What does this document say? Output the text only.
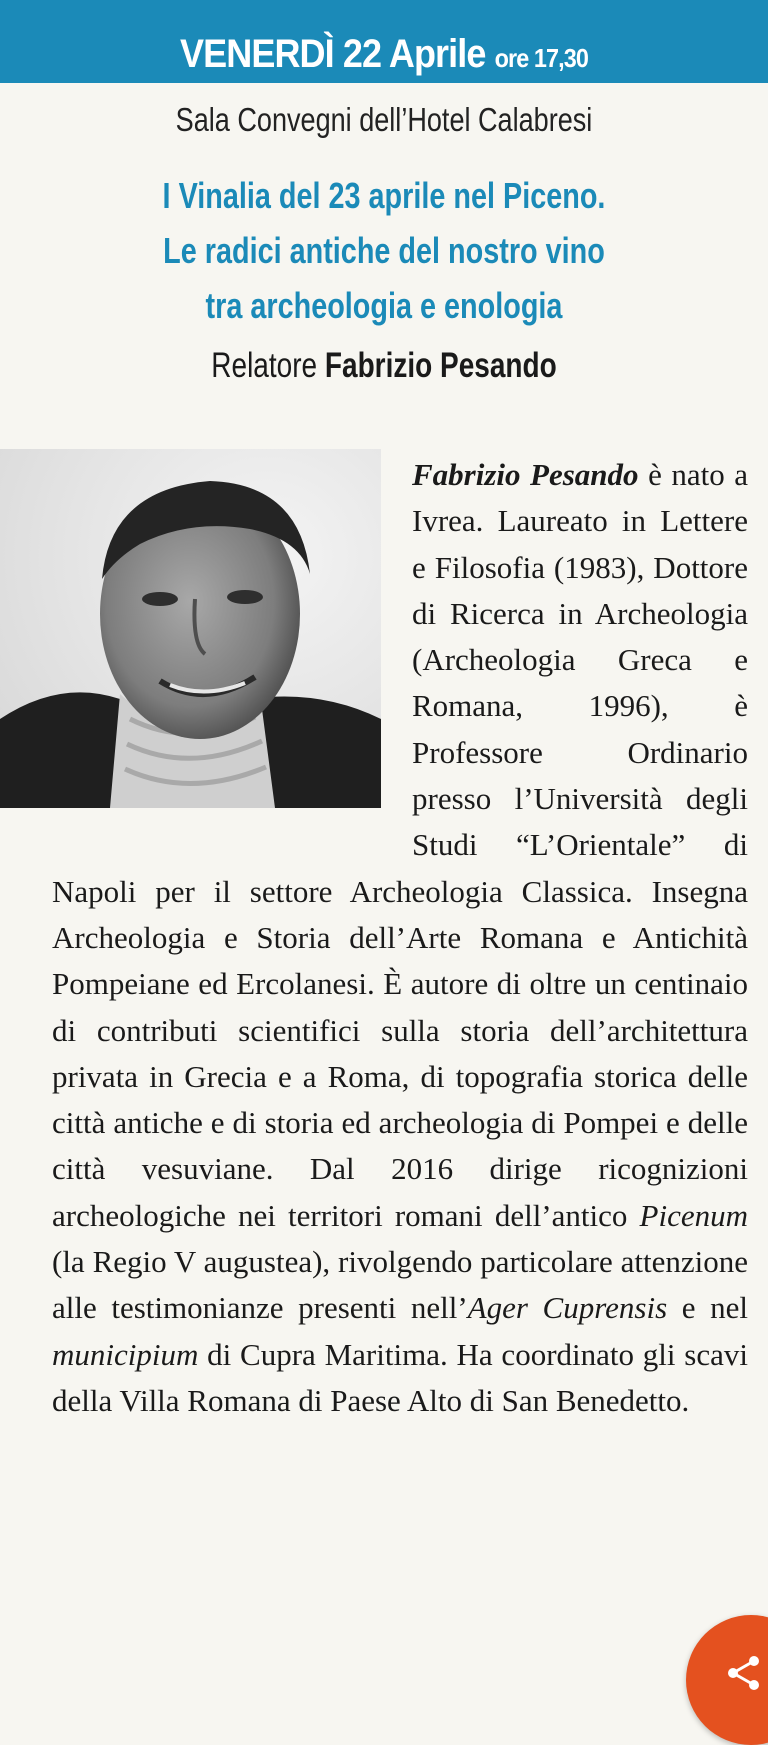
VENERDÌ 22 Aprile ore 17,30
Sala Convegni dell’Hotel Calabresi
I Vinalia del 23 aprile nel Piceno.
Le radici antiche del nostro vino
tra archeologia e enologia
Relatore Fabrizio Pesando

Fabrizio Pesando è nato a Ivrea. Laureato in Lettere e Filosofia (1983), Dottore di Ricerca in Archeologia (Archeologia Greca e Romana, 1996), è Professore Ordinario presso l’Università degli Studi “L’Orientale” di Napoli per il settore Archeologia Classica. Insegna Archeologia e Storia dell’Arte Romana e Antichità Pompeiane ed Ercolanesi. È autore di oltre un centinaio di contributi scientifici sulla storia dell’architettura privata in Grecia e a Roma, di topografia storica delle città antiche e di storia ed archeologia di Pompei e delle città vesuviane. Dal 2016 dirige ricognizioni archeologiche nei territori romani dell’antico Picenum (la Regio V augustea), rivolgendo particolare attenzione alle testimonianze presenti nell’Ager Cuprensis e nel municipium di Cupra Maritima. Ha coordinato gli scavi della Villa Romana di Paese Alto di San Benedetto.
